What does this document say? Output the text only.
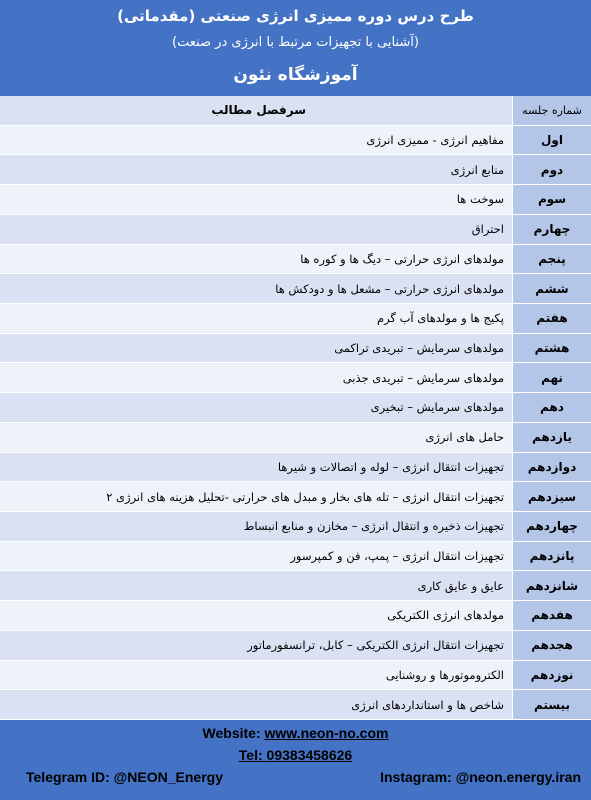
طرح درس دوره ممیزی انرژی صنعتی (مقدماتی)
(آشنایی با تجهیزات مرتبط با انرژی در صنعت)
آموزشگاه نئون
شماره جلسه
سرفصل مطالب
اول
مفاهیم انرژی - ممیزی انرژی
دوم
منابع انرژی
سوم
سوخت ها
چهارم
احتراق
پنجم
مولدهای انرژی حرارتی – دیگ ها و کوره ها
ششم
مولدهای انرژی حرارتی – مشعل ها و دودکش ها
هفتم
پکیج ها و مولدهای آب گرم
هشتم
مولدهای سرمایش – تبریدی تراکمی
نهم
مولدهای سرمایش – تبریدی جذبی
دهم
مولدهای سرمایش – تبخیری
یازدهم
حامل های انرژی
دوازدهم
تجهیزات انتقال انرژی – لوله و اتصالات و شیرها
سیزدهم
تجهیزات انتقال انرژی – تله های بخار و مبدل های حرارتی -تحلیل هزینه های انرژی ۲
چهاردهم
تجهیزات ذخیره و انتقال انرژی – مخازن و منابع انبساط
پانزدهم
تجهیزات انتقال انرژی – پمپ، فن و کمپرسور
شانزدهم
عایق و عایق کاری
هفدهم
مولدهای انرژی الکتریکی
هجدهم
تجهیزات انتقال انرژی الکتریکی – کابل، ترانسفورماتور
نوزدهم
الکتروموتورها و روشنایی
بیستم
شاخص ها و استانداردهای انرژی
Website: www.neon-no.com
Tel: 09383458626
Telegram ID: @NEON_Energy	Instagram: @neon.energy.iran
